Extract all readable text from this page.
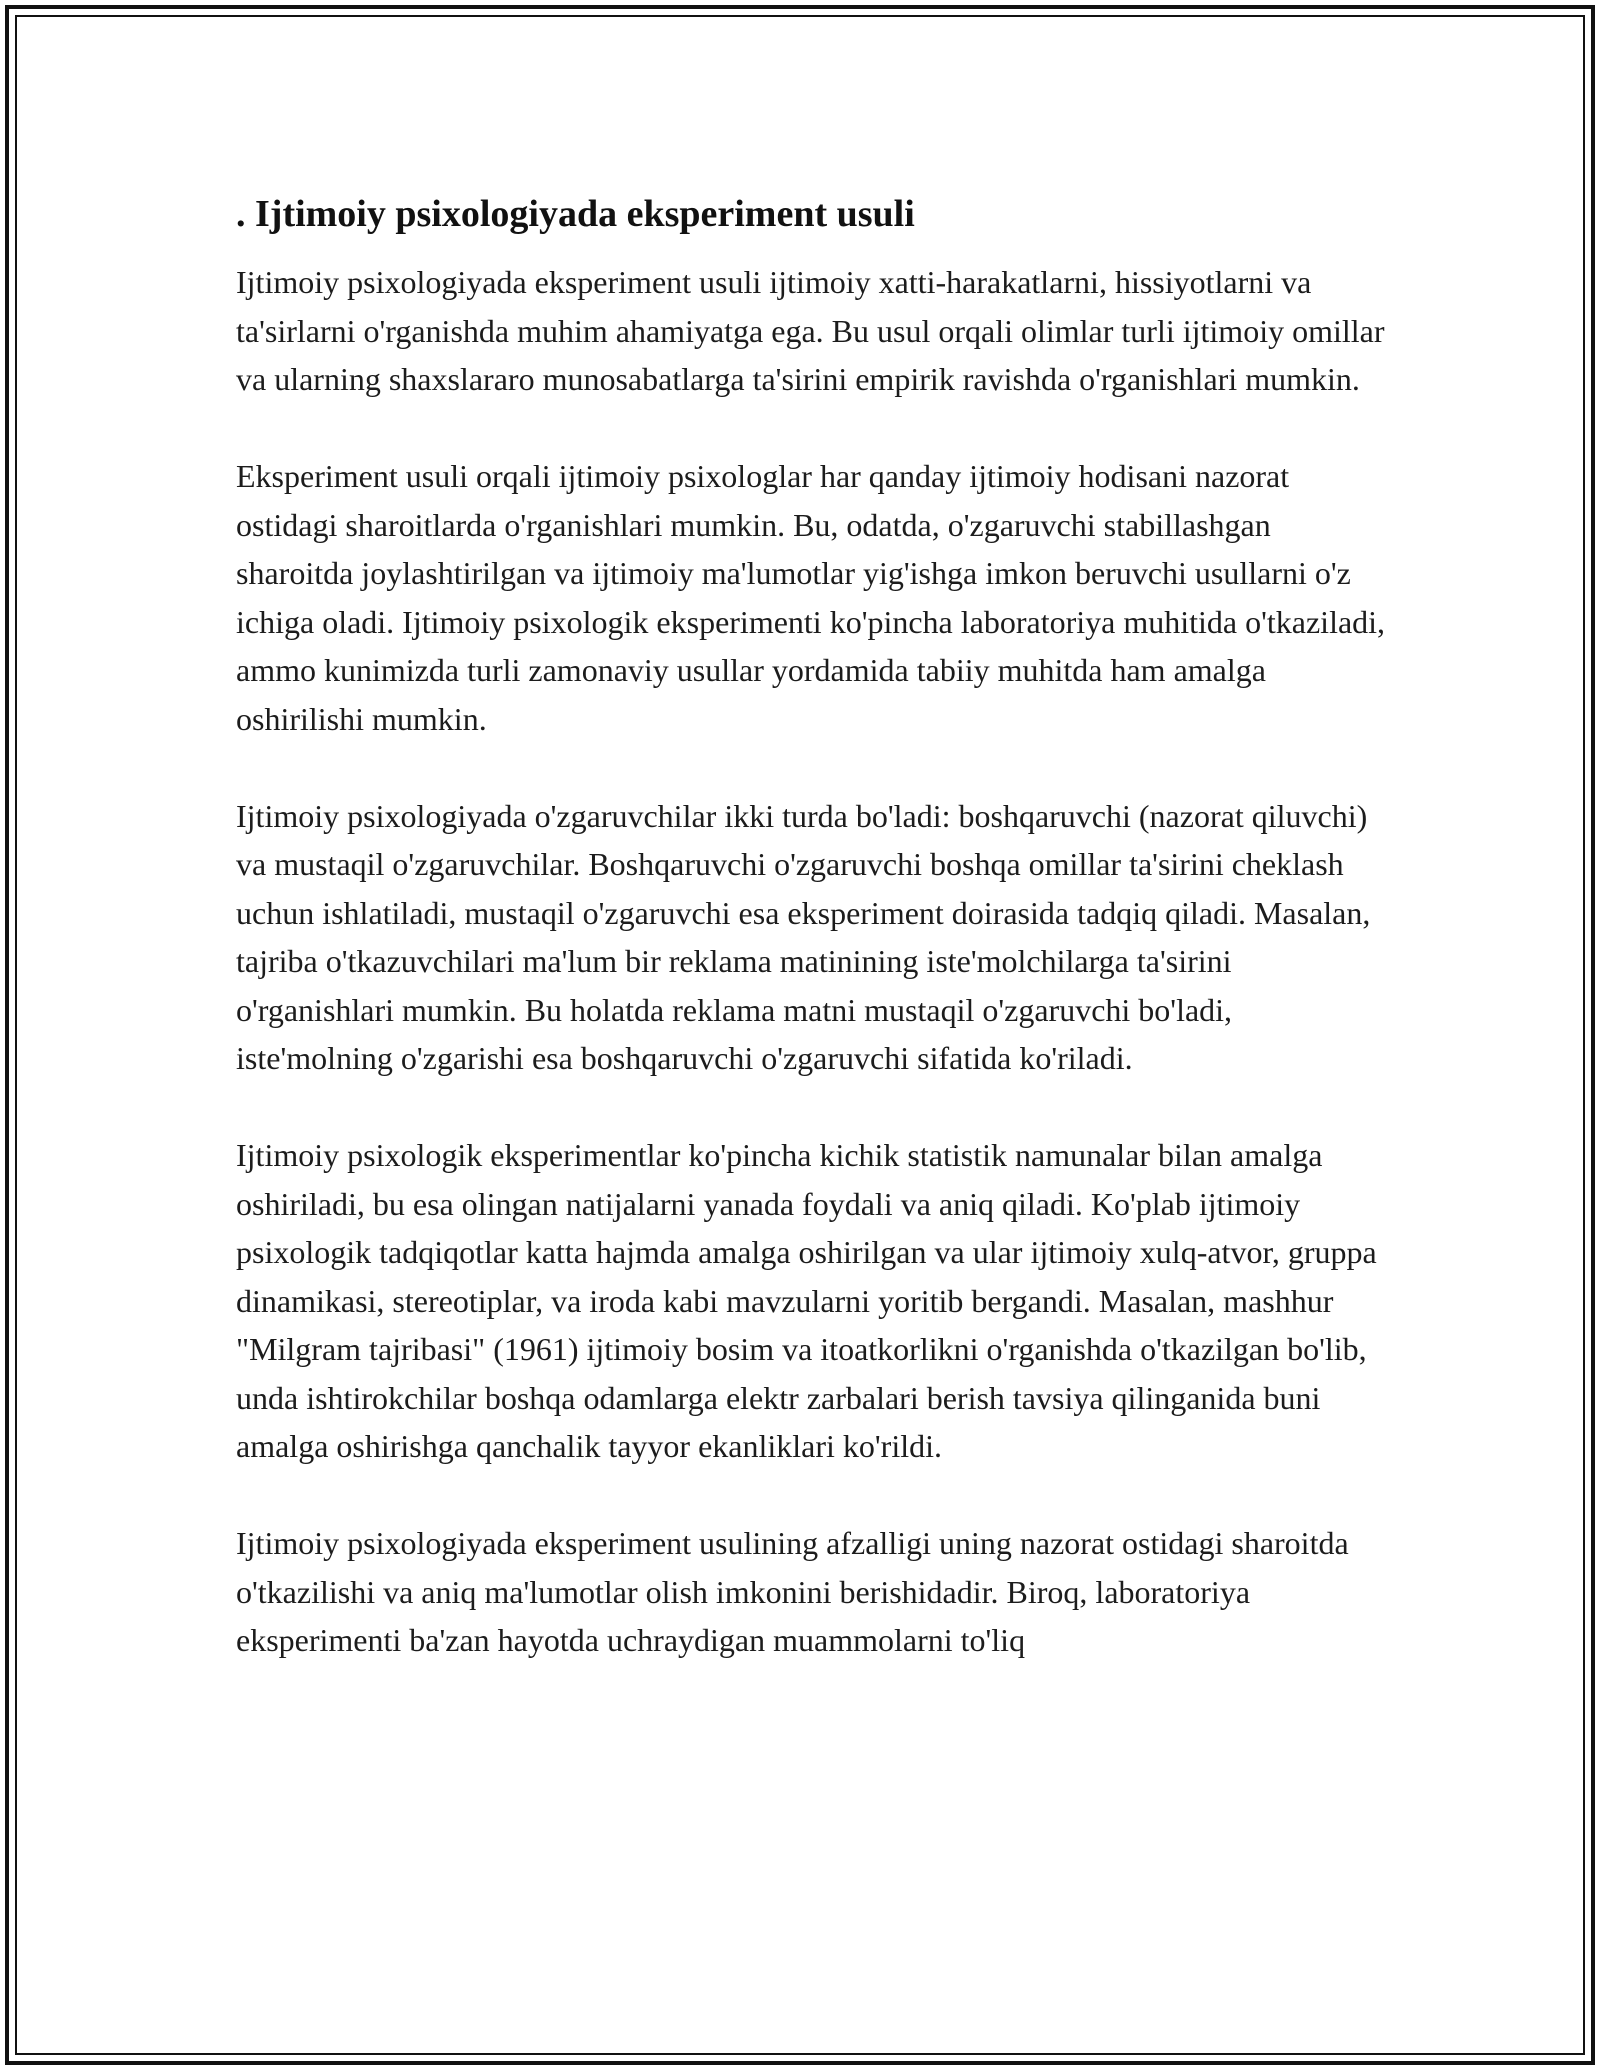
. Ijtimoiy psixologiyada eksperiment usuli

Ijtimoiy psixologiyada eksperiment usuli ijtimoiy xatti-harakatlarni, hissiyotlarni va ta'sirlarni o'rganishda muhim ahamiyatga ega. Bu usul orqali olimlar turli ijtimoiy omillar va ularning shaxslararo munosabatlarga ta'sirini empirik ravishda o'rganishlari mumkin.

Eksperiment usuli orqali ijtimoiy psixologlar har qanday ijtimoiy hodisani nazorat ostidagi sharoitlarda o'rganishlari mumkin. Bu, odatda, o'zgaruvchi stabillashgan sharoitda joylashtirilgan va ijtimoiy ma'lumotlar yig'ishga imkon beruvchi usullarni o'z ichiga oladi. Ijtimoiy psixologik eksperimenti ko'pincha laboratoriya muhitida o'tkaziladi, ammo kunimizda turli zamonaviy usullar yordamida tabiiy muhitda ham amalga oshirilishi mumkin.

Ijtimoiy psixologiyada o'zgaruvchilar ikki turda bo'ladi: boshqaruvchi (nazorat qiluvchi) va mustaqil o'zgaruvchilar. Boshqaruvchi o'zgaruvchi boshqa omillar ta'sirini cheklash uchun ishlatiladi, mustaqil o'zgaruvchi esa eksperiment doirasida tadqiq qiladi. Masalan, tajriba o'tkazuvchilari ma'lum bir reklama matinining iste'molchilarga ta'sirini o'rganishlari mumkin. Bu holatda reklama matni mustaqil o'zgaruvchi bo'ladi, iste'molning o'zgarishi esa boshqaruvchi o'zgaruvchi sifatida ko'riladi.

Ijtimoiy psixologik eksperimentlar ko'pincha kichik statistik namunalar bilan amalga oshiriladi, bu esa olingan natijalarni yanada foydali va aniq qiladi. Ko'plab ijtimoiy psixologik tadqiqotlar katta hajmda amalga oshirilgan va ular ijtimoiy xulq-atvor, gruppa dinamikasi, stereotiplar, va iroda kabi mavzularni yoritib bergandi. Masalan, mashhur "Milgram tajribasi" (1961) ijtimoiy bosim va itoatkorlikni o'rganishda o'tkazilgan bo'lib, unda ishtirokchilar boshqa odamlarga elektr zarbalari berish tavsiya qilinganida buni amalga oshirishga qanchalik tayyor ekanliklari ko'rildi.

Ijtimoiy psixologiyada eksperiment usulining afzalligi uning nazorat ostidagi sharoitda o'tkazilishi va aniq ma'lumotlar olish imkonini berishidadir. Biroq, laboratoriya eksperimenti ba'zan hayotda uchraydigan muammolarni to'liq
